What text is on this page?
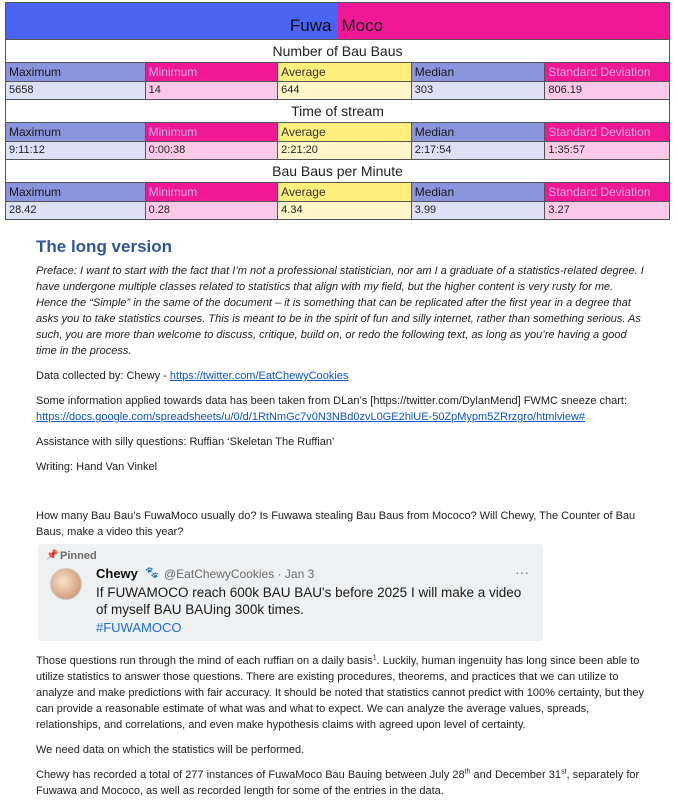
Fuwa Moco
Number of Bau Baus
Maximum	Minimum	Average	Median	Standard Deviation
5658	14	644	303	806.19
Time of stream
Maximum	Minimum	Average	Median	Standard Deviation
9:11:12	0:00:38	2:21:20	2:17:54	1:35:57
Bau Baus per Minute
Maximum	Minimum	Average	Median	Standard Deviation
28.42	0.28	4.34	3.99	3.27
The long version

Preface: I want to start with the fact that I’m not a professional statistician, nor am I a graduate of a statistics-related degree. I have undergone multiple classes related to statistics that align with my field, but the higher content is very rusty for me. Hence the “Simple” in the same of the document – it is something that can be replicated after the first year in a degree that asks you to take statistics courses. This is meant to be in the spirit of fun and silly internet, rather than something serious. As such, you are more than welcome to discuss, critique, build on, or redo the following text, as long as you’re having a good time in the process.

Data collected by: Chewy - https://twitter.com/EatChewyCookies

Some information applied towards data has been taken from DLan’s [https://twitter.com/DylanMend] FWMC sneeze chart: https://docs.google.com/spreadsheets/u/0/d/1RtNmGc7v0N3NBd0zvL0GE2hlUE-50ZpMypm5ZRrzgro/htmlview#

Assistance with silly questions: Ruffian ‘Skeletan The Ruffian’

Writing: Hand Van Vinkel

How many Bau Bau’s FuwaMoco usually do? Is Fuwawa stealing Bau Baus from Mococo? Will Chewy, The Counter of Bau Baus, make a video this year?

📌 Pinned
Chewy 🐾 @EatChewyCookies · Jan 3	···
If FUWAMOCO reach 600k BAU BAU's before 2025 I will make a video of myself BAU BAUing 300k times.
#FUWAMOCO

Those questions run through the mind of each ruffian on a daily basis$^1$. Luckily, human ingenuity has long since been able to utilize statistics to answer those questions. There are existing procedures, theorems, and practices that we can utilize to analyze and make predictions with fair accuracy. It should be noted that statistics cannot predict with 100% certainty, but they can provide a reasonable estimate of what was and what to expect. We can analyze the average values, spreads, relationships, and correlations, and even make hypothesis claims with agreed upon level of certainty.

We need data on which the statistics will be performed.

Chewy has recorded a total of 277 instances of FuwaMoco Bau Bauing between July 28th and December 31st, separately for Fuwawa and Mococo, as well as recorded length for some of the entries in the data.
